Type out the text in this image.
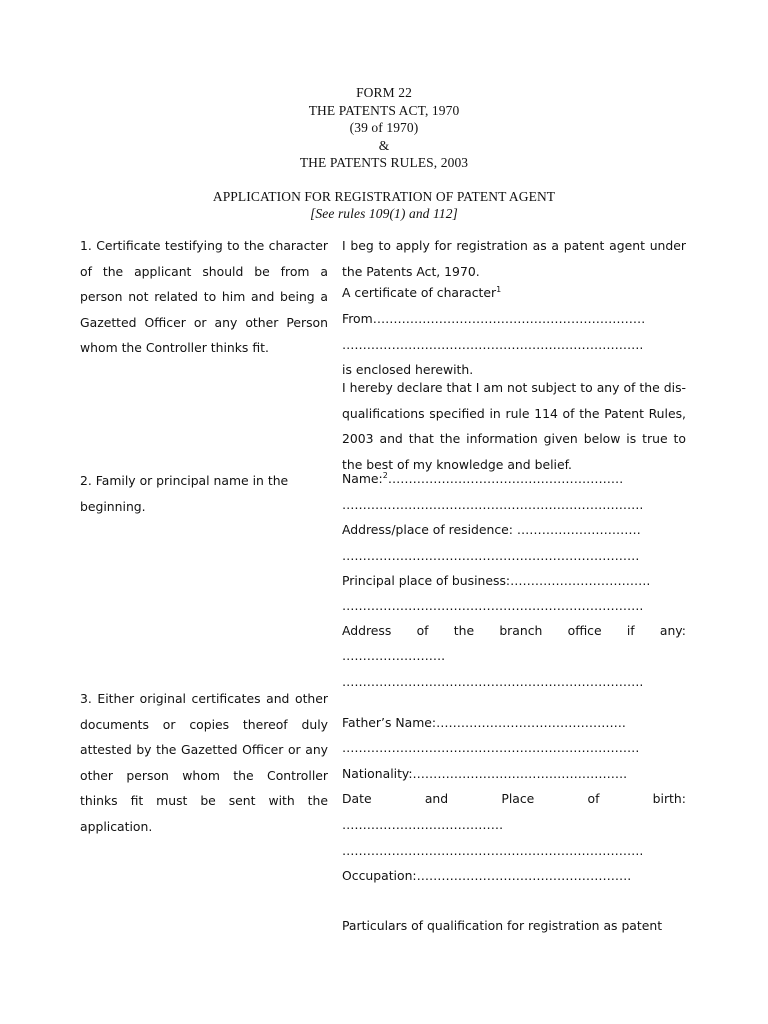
FORM 22
THE PATENTS ACT, 1970
(39 of 1970)
&
THE PATENTS RULES, 2003
APPLICATION FOR REGISTRATION OF PATENT AGENT
[See rules 109(1) and 112]
1. Certificate testifying to the character of the applicant should be from a person not related to him and being a Gazetted Officer or any other Person whom the Controller thinks fit.
2. Family or principal name in the beginning.
3. Either original certificates and other documents or copies thereof duly attested by the Gazetted Officer or any other person whom the Controller thinks fit must be sent with the application.
I beg to apply for registration as a patent agent under the Patents Act, 1970.
A certificate of character$^1$
From…………………………………………………………
……………………………………………………………….
is enclosed herewith.
I hereby declare that I am not subject to any of the dis-qualifications specified in rule 114 of the Patent Rules, 2003 and that the information given below is true to the best of my knowledge and belief.
Name:$^2$…………………………………………………
……………………………………………………………….
Address/place of residence: …………………………
………………………………………………………………
Principal place of business:…………………………….
……………………………………………………………….
Address of the branch office if any:
…………………….
……………………………………………………………….
Father’s Name:……………………………………….
………………………………………………………………
Nationality:…………………………………………….
Date	and	Place	of	birth:
…………………………………
……………………………………………………………….
Occupation:…………………………………………….
Particulars of qualification for registration as patent
